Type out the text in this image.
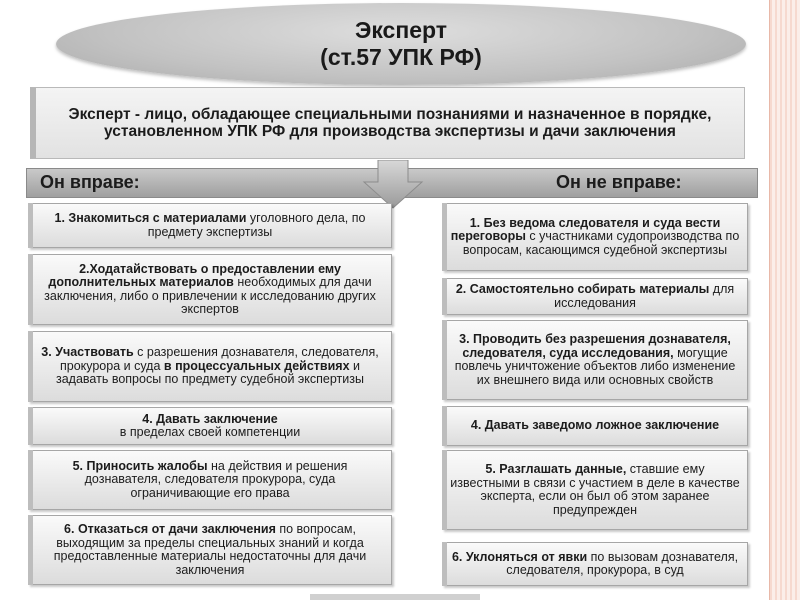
Эксперт
(ст.57 УПК РФ)
Эксперт - лицо, обладающее специальными познаниями и назначенное в порядке, установленном УПК РФ для производства экспертизы и дачи заключения
Он вправе:	Он не вправе:
1. Знакомиться с материалами уголовного дела, по предмету экспертизы
2.Ходатайствовать о предоставлении ему дополнительных материалов необходимых для дачи заключения, либо о привлечении к исследованию других экспертов
3. Участвовать с разрешения дознавателя, следователя, прокурора и суда в процессуальных действиях и задавать вопросы по предмету судебной экспертизы
4. Давать заключение
в пределах своей компетенции
5. Приносить жалобы на действия и решения дознавателя, следователя прокурора, суда ограничивающие его права
6. Отказаться от дачи заключения по вопросам, выходящим за пределы специальных знаний и когда предоставленные материалы недостаточны для дачи заключения
1. Без ведома следователя и суда вести переговоры с участниками судопроизводства по вопросам, касающимся судебной экспертизы
2. Самостоятельно собирать материалы для исследования
3. Проводить без разрешения дознавателя, следователя, суда исследования, могущие повлечь уничтожение объектов либо изменение их внешнего вида или основных свойств
4. Давать заведомо ложное заключение
5. Разглашать данные, ставшие ему известными в связи с участием в деле в качестве эксперта, если он был об этом заранее предупрежден
6. Уклоняться от явки по вызовам дознавателя, следователя, прокурора, в суд
